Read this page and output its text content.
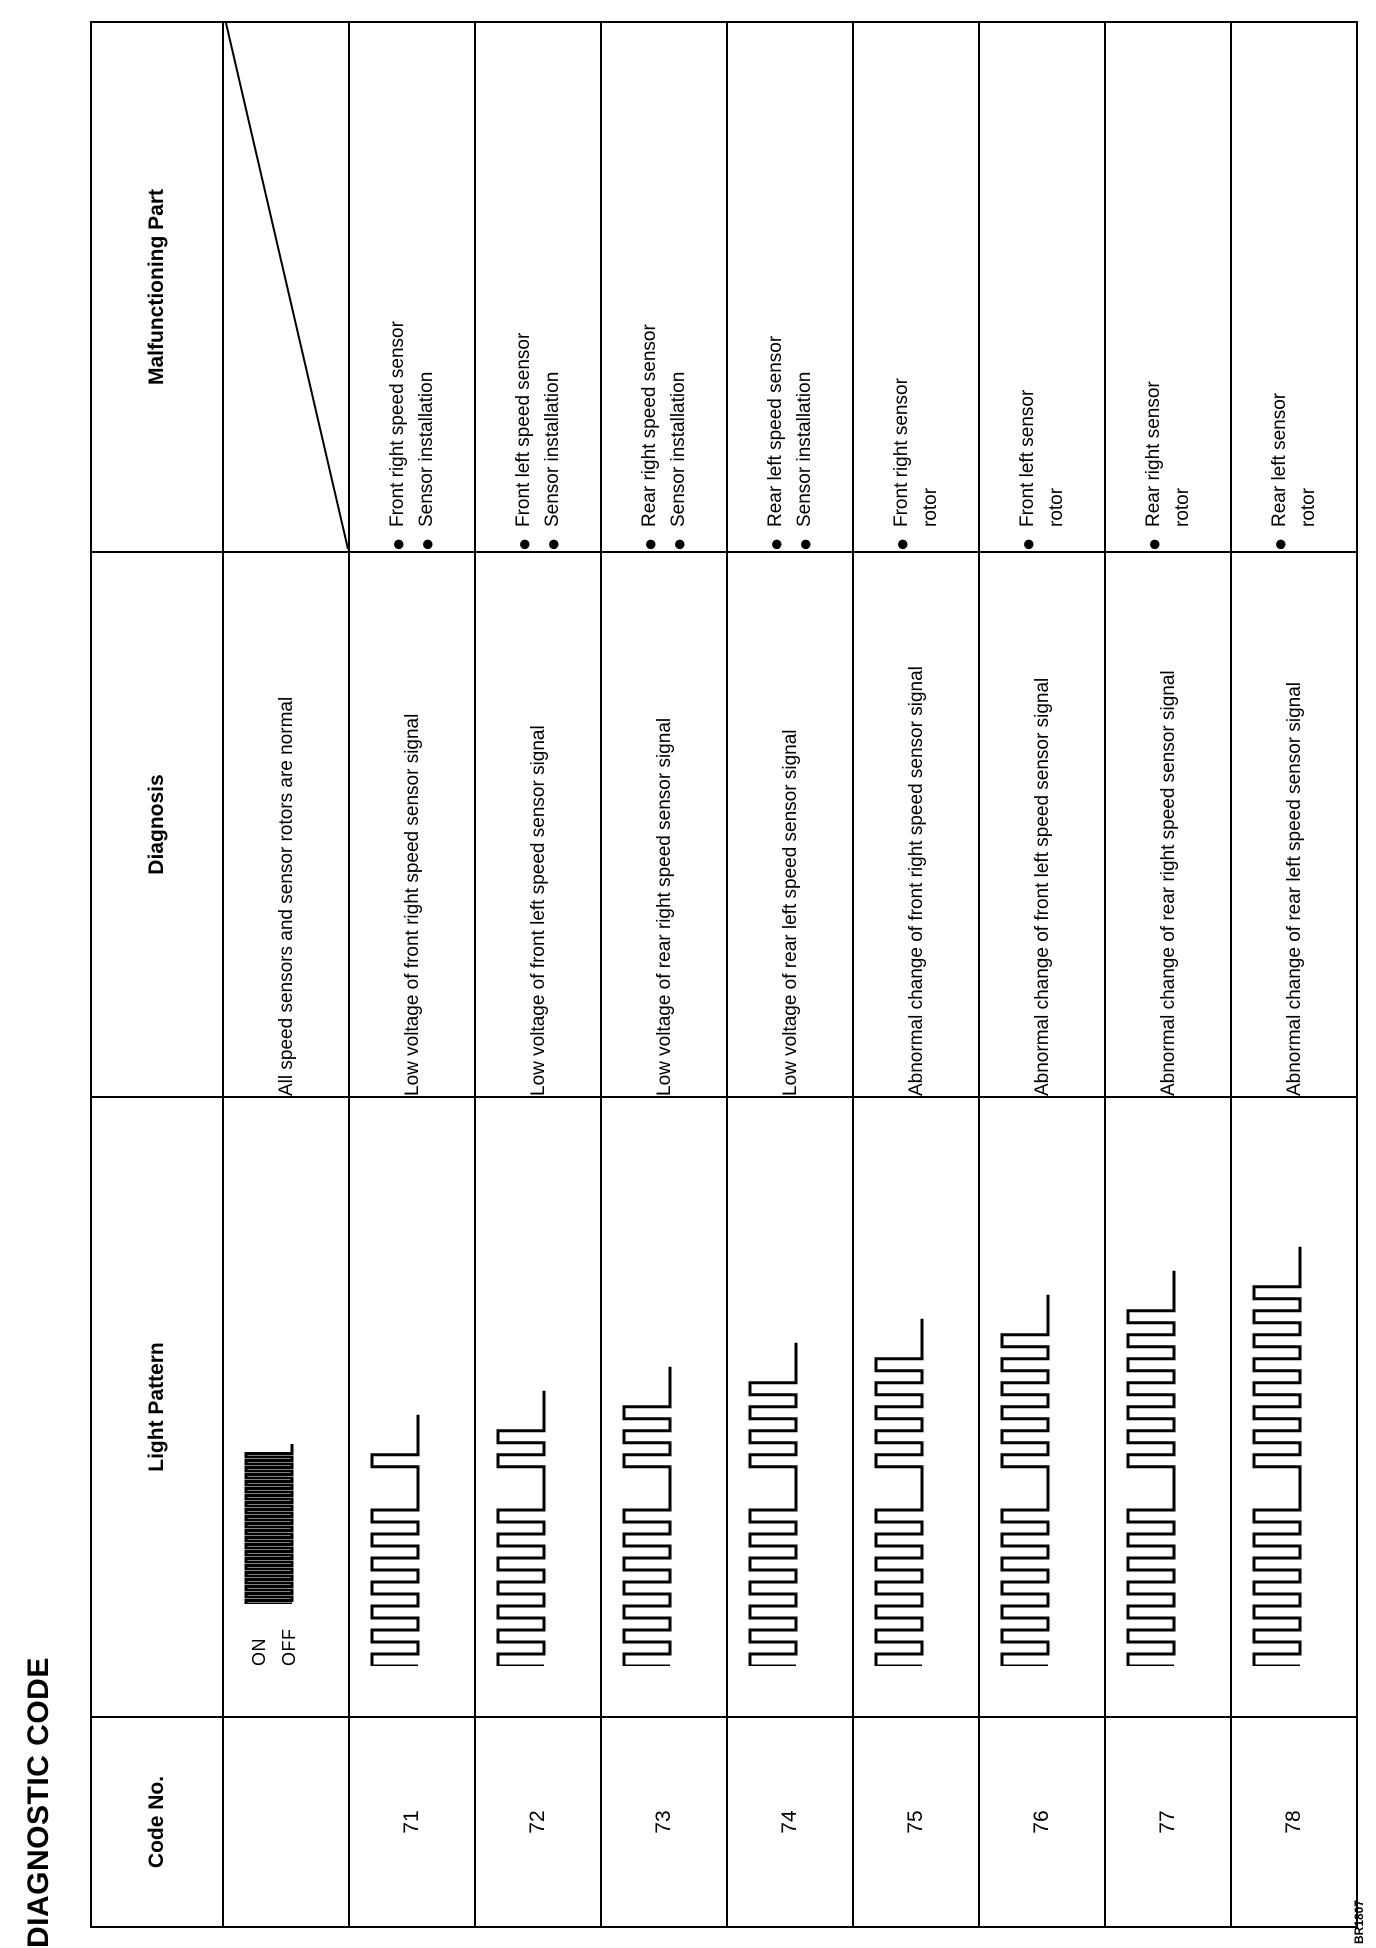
DIAGNOSTIC CODE	Code No.	Light Pattern	Diagnosis	Malfunctioning Part

	ON OFF	All speed sensors and sensor rotors are normal	

71		Low voltage of front right speed sensor signal	●
Front right speed sensor
●
Sensor installation

72		Low voltage of front left speed sensor signal	●
Front left speed sensor
●
Sensor installation

73		Low voltage of rear right speed sensor signal	●
Rear right speed sensor
●
Sensor installation

74		Low voltage of rear left speed sensor signal	●
Rear left speed sensor
●
Sensor installation

75		Abnormal change of front right speed sensor signal	●
Front right sensor
rotor

76		Abnormal change of front left speed sensor signal	●
Front left sensor
rotor

77		Abnormal change of rear right speed sensor signal	●
Rear right sensor
rotor

78		Abnormal change of rear left speed sensor signal	●
Rear left sensor
rotor
BR1807
